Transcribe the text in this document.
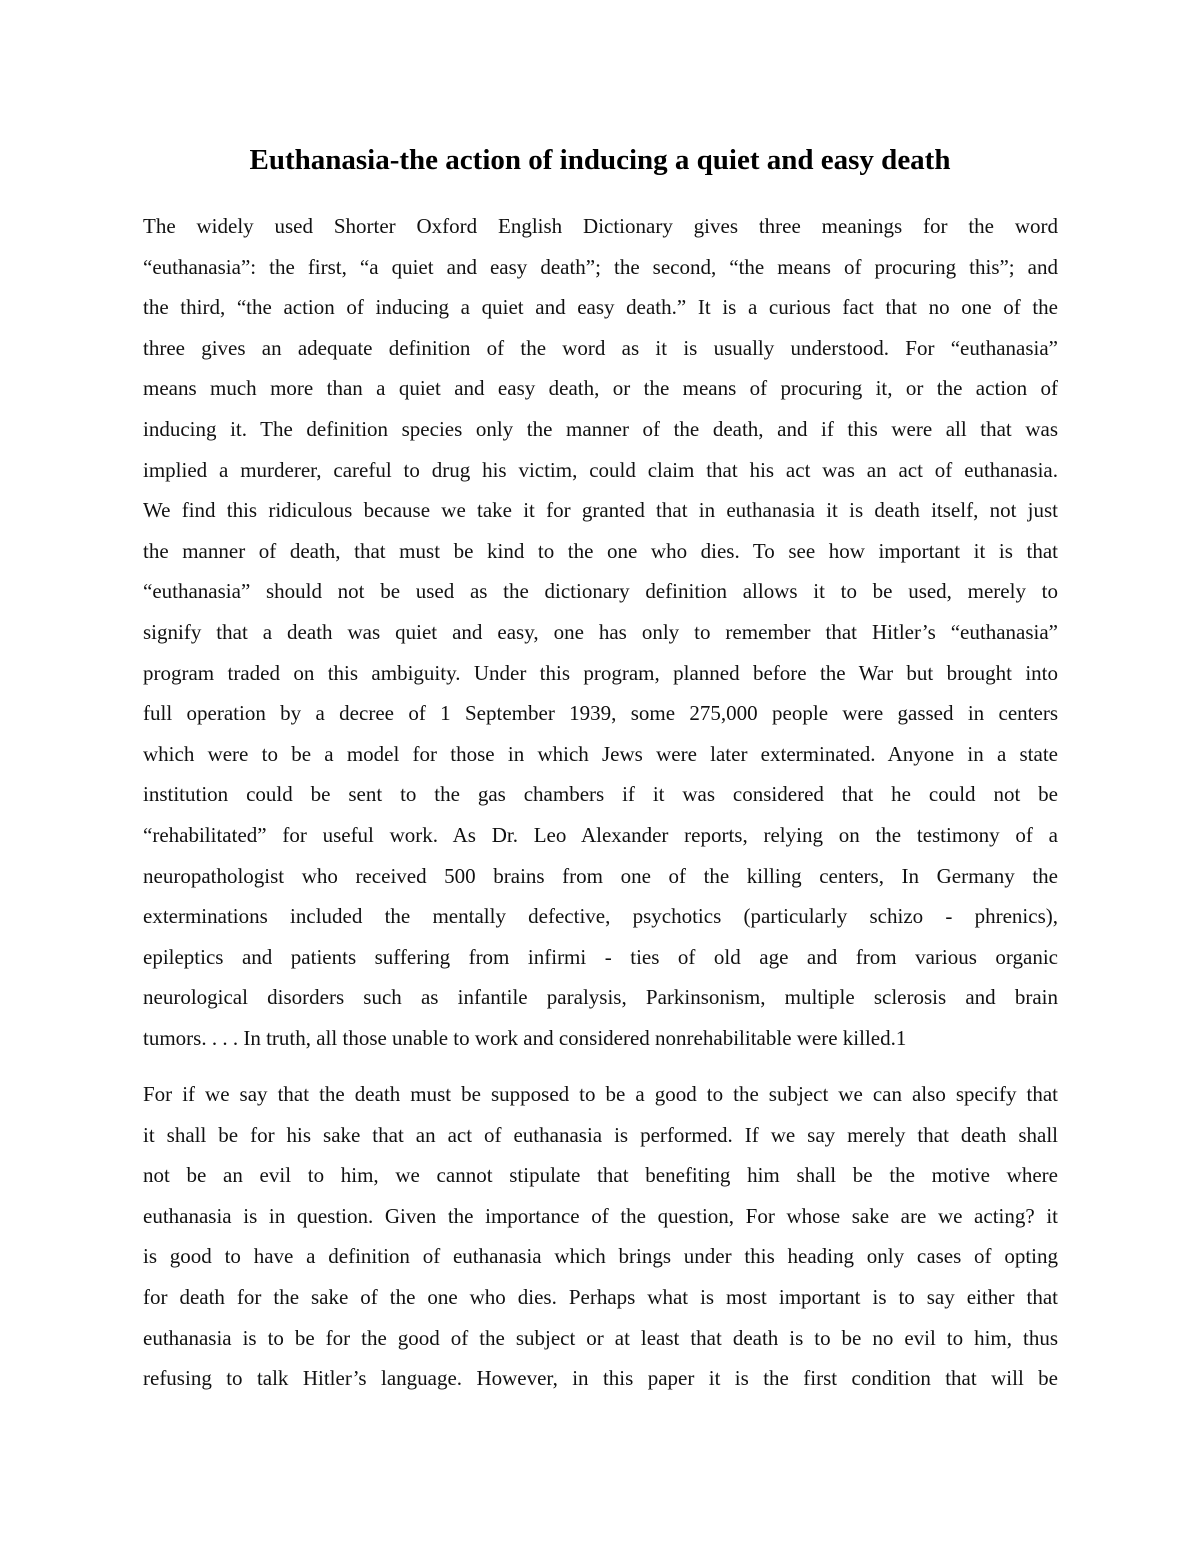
Euthanasia-the action of inducing a quiet and easy death

The widely used Shorter Oxford English Dictionary gives three meanings for the word
“euthanasia”: the first, “a quiet and easy death”; the second, “the means of procuring this”; and
the third, “the action of inducing a quiet and easy death.” It is a curious fact that no one of the
three gives an adequate definition of the word as it is usually understood. For “euthanasia”
means much more than a quiet and easy death, or the means of procuring it, or the action of
inducing it. The definition species only the manner of the death, and if this were all that was
implied a murderer, careful to drug his victim, could claim that his act was an act of euthanasia.
We find this ridiculous because we take it for granted that in euthanasia it is death itself, not just
the manner of death, that must be kind to the one who dies. To see how important it is that
“euthanasia” should not be used as the dictionary definition allows it to be used, merely to
signify that a death was quiet and easy, one has only to remember that Hitler’s “euthanasia”
program traded on this ambiguity. Under this program, planned before the War but brought into
full operation by a decree of 1 September 1939, some 275,000 people were gassed in centers
which were to be a model for those in which Jews were later exterminated. Anyone in a state
institution could be sent to the gas chambers if it was considered that he could not be
“rehabilitated” for useful work. As Dr. Leo Alexander reports, relying on the testimony of a
neuropathologist who received 500 brains from one of the killing centers, In Germany the
exterminations included the mentally defective, psychotics (particularly schizo - phrenics),
epileptics and patients suffering from infirmi - ties of old age and from various organic
neurological disorders such as infantile paralysis, Parkinsonism, multiple sclerosis and brain
tumors. . . . In truth, all those unable to work and considered nonrehabilitable were killed.1

For if we say that the death must be supposed to be a good to the subject we can also specify that
it shall be for his sake that an act of euthanasia is performed. If we say merely that death shall
not be an evil to him, we cannot stipulate that benefiting him shall be the motive where
euthanasia is in question. Given the importance of the question, For whose sake are we acting? it
is good to have a definition of euthanasia which brings under this heading only cases of opting
for death for the sake of the one who dies. Perhaps what is most important is to say either that
euthanasia is to be for the good of the subject or at least that death is to be no evil to him, thus
refusing to talk Hitler’s language. However, in this paper it is the first condition that will be
